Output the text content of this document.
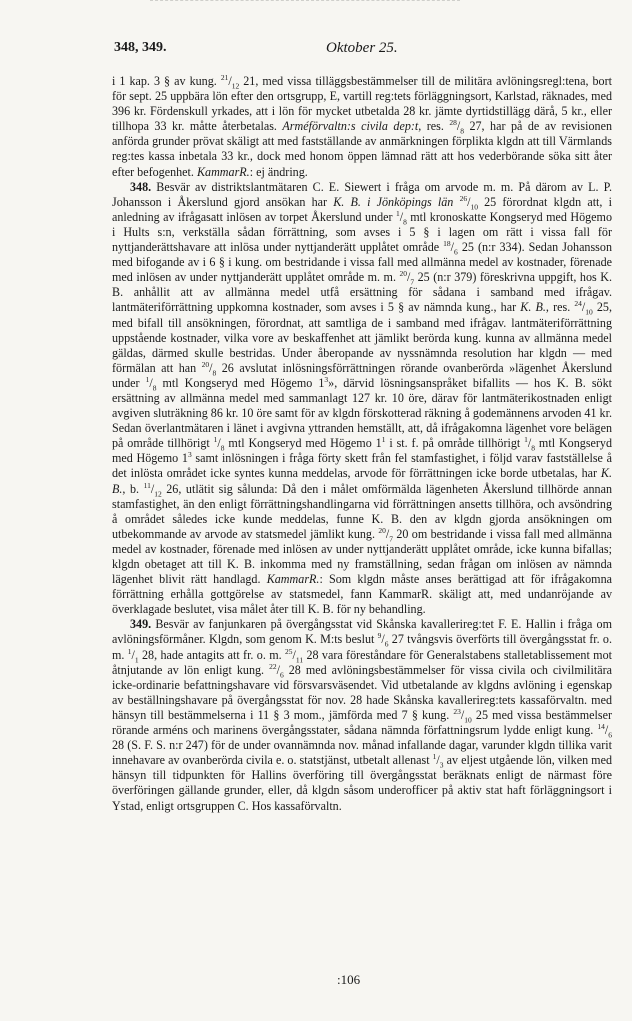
348, 349.	Oktober 25.

i 1 kap. 3 § av kung. $^{21}$/$^{12}$ 21, med vissa tilläggsbestämmelser till de militära avlöningsregl:tena, bort för sept. 25 uppbära lön efter den ortsgrupp, E, vartill reg:tets förläggningsort, Karlstad, räknades, med 396 kr. Fördenskull yrkades, att i lön för mycket utbetalda 28 kr. jämte dyrtidstillägg därå, 5 kr., eller tillhopa 33 kr. måtte återbetalas. Arméförvaltn:s civila dep:t, res. $^{28}$/$^8$ 27, har på de av revisionen anförda grunder prövat skäligt att med fastställande av anmärkningen förplikta klgdn att till Värmlands reg:tes kassa inbetala 33 kr., dock med honom öppen lämnad rätt att hos vederbörande söka sitt åter efter befogenhet. KammarR.: ej ändring.

348. Besvär av distriktslantmätaren C. E. Siewert i fråga om arvode m. m. På därom av L. P. Johansson i Åkerslund gjord ansökan har K. B. i Jönköpings län $^{26}$/$^{10}$ 25 förordnat klgdn att, i anledning av ifrågasatt inlösen av torpet Åkerslund under $^1$/$^8$ mtl kronoskatte Kongseryd med Högemo i Hults s:n, verkställa sådan förrättning, som avses i 5 § i lagen om rätt i vissa fall för nyttjanderättshavare att inlösa under nyttjanderätt upplåtet område $^{18}$/$^6$ 25 (n:r 334). Sedan Johansson med bifogande av i 6 § i kung. om bestridande i vissa fall med allmänna medel av kostnader, förenade med inlösen av under nyttjanderätt upplåtet område m. m. $^{20}$/$^7$ 25 (n:r 379) föreskrivna uppgift, hos K. B. anhållit att av allmänna medel utfå ersättning för sådana i samband med ifrågav. lantmäteriförrättning uppkomna kostnader, som avses i 5 § av nämnda kung., har K. B., res. $^{24}$/$^{10}$ 25, med bifall till ansökningen, förordnat, att samtliga de i samband med ifrågav. lantmäteriförrättning uppstående kostnader, vilka vore av beskaffenhet att jämlikt berörda kung. kunna av allmänna medel gäldas, därmed skulle bestridas. Under åberopande av nyssnämnda resolution har klgdn — med förmälan att han $^{20}$/$^8$ 26 avslutat inlösningsförrättningen rörande ovanberörda »lägenhet Åkerslund under $^1$/$^8$ mtl Kongseryd med Högemo $1^3$», därvid lösningsanspråket bifallits — hos K. B. sökt ersättning av allmänna medel med sammanlagt 127 kr. 10 öre, därav för lantmäterikostnaden enligt avgiven sluträkning 86 kr. 10 öre samt för av klgdn förskotterad räkning å godemännens arvoden 41 kr. Sedan överlantmätaren i länet i avgivna yttranden hemställt, att, då ifrågakomna lägenhet vore belägen på område tillhörigt $^1$/$^8$ mtl Kongseryd med Högemo $1^1$ i st. f. på område tillhörigt $^1$/$^8$ mtl Kongseryd med Högemo $1^3$ samt inlösningen i fråga förty skett från fel stamfastighet, i följd varav fastställelse å det inlösta området icke syntes kunna meddelas, arvode för förrättningen icke borde utbetalas, har K. B., b. $^{11}$/$^{12}$ 26, utlätit sig sålunda: Då den i målet omförmälda lägenheten Åkerslund tillhörde annan stamfastighet, än den enligt förrättningshandlingarna vid förrättningen ansetts tillhöra, och avsöndring å området således icke kunde meddelas, funne K. B. den av klgdn gjorda ansökningen om utbekommande av arvode av statsmedel jämlikt kung. $^{20}$/$^7$ 20 om bestridande i vissa fall med allmänna medel av kostnader, förenade med inlösen av under nyttjanderätt upplåtet område, icke kunna bifallas; klgdn obetaget att till K. B. inkomma med ny framställning, sedan frågan om inlösen av nämnda lägenhet blivit rätt handlagd. KammarR.: Som klgdn måste anses berättigad att för ifrågakomna förrättning erhålla gottgörelse av statsmedel, fann KammarR. skäligt att, med undanröjande av överklagade beslutet, visa målet åter till K. B. för ny behandling.

349. Besvär av fanjunkaren på övergångsstat vid Skånska kavallerireg:tet F. E. Hallin i fråga om avlöningsförmåner. Klgdn, som genom K. M:ts beslut $^9$/$^6$ 27 tvångsvis överförts till övergångsstat fr. o. m. $^1$/$^1$ 28, hade antagits att fr. o. m. $^{25}$/$^{11}$ 28 vara föreståndare för Generalstabens stalletablissement mot åtnjutande av lön enligt kung. $^{22}$/$^6$ 28 med avlöningsbestämmelser för vissa civila och civilmilitära icke-ordinarie befattningshavare vid försvarsväsendet. Vid utbetalande av klgdns avlöning i egenskap av beställningshavare på övergångsstat för nov. 28 hade Skånska kavallerireg:tets kassaförvaltn. med hänsyn till bestämmelserna i 11 § 3 mom., jämförda med 7 § kung. $^{23}$/$^{10}$ 25 med vissa bestämmelser rörande arméns och marinens övergångsstater, sådana nämnda författningsrum lydde enligt kung. $^{14}$/$^6$ 28 (S. F. S. n:r 247) för de under ovannämnda nov. månad infallande dagar, varunder klgdn tillika varit innehavare av ovanberörda civila e. o. statstjänst, utbetalt allenast $^1$/$^3$ av eljest utgående lön, vilken med hänsyn till tidpunkten för Hallins överföring till övergångsstat beräknats enligt de närmast före överföringen gällande grunder, eller, då klgdn såsom underofficer på aktiv stat haft förläggningsort i Ystad, enligt ortsgruppen C. Hos kassaförvaltn.

:106
